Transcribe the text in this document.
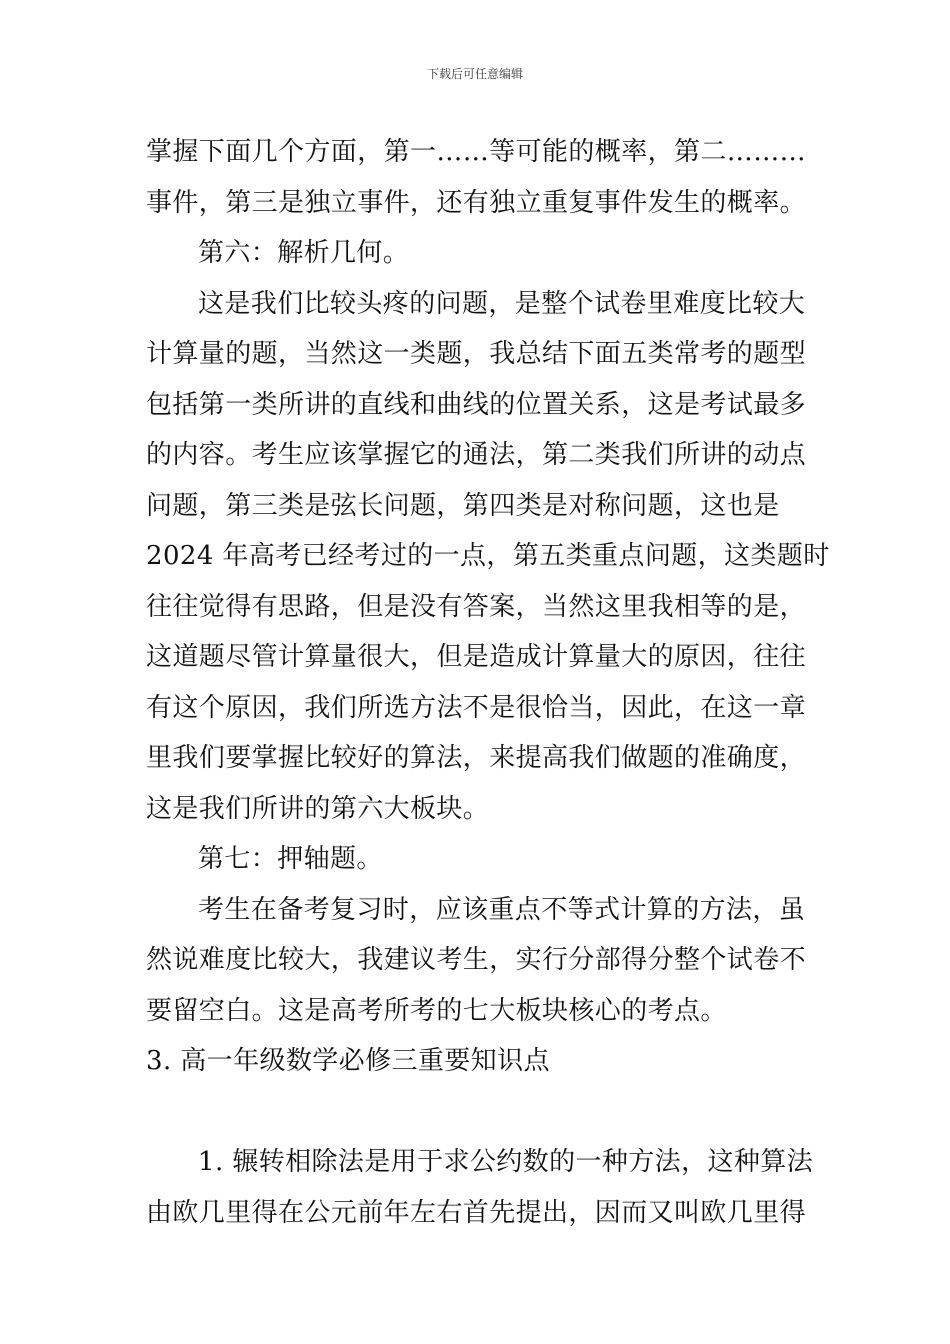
下载后可任意编辑
掌握下面几个方面，第一……等可能的概率，第二………
事件，第三是独立事件，还有独立重复事件发生的概率。
第六：解析几何。
这是我们比较头疼的问题，是整个试卷里难度比较大
计算量的题，当然这一类题，我总结下面五类常考的题型
包括第一类所讲的直线和曲线的位置关系，这是考试最多
的内容。考生应该掌握它的通法，第二类我们所讲的动点
问题，第三类是弦长问题，第四类是对称问题，这也是
2024 年高考已经考过的一点，第五类重点问题，这类题时
往往觉得有思路，但是没有答案，当然这里我相等的是，
这道题尽管计算量很大，但是造成计算量大的原因，往往
有这个原因，我们所选方法不是很恰当，因此，在这一章
里我们要掌握比较好的算法，来提高我们做题的准确度，
这是我们所讲的第六大板块。
第七：押轴题。
考生在备考复习时，应该重点不等式计算的方法，虽
然说难度比较大，我建议考生，实行分部得分整个试卷不
要留空白。这是高考所考的七大板块核心的考点。
3. 高一年级数学必修三重要知识点
1. 辗转相除法是用于求公约数的一种方法，这种算法
由欧几里得在公元前年左右首先提出，因而又叫欧几里得
